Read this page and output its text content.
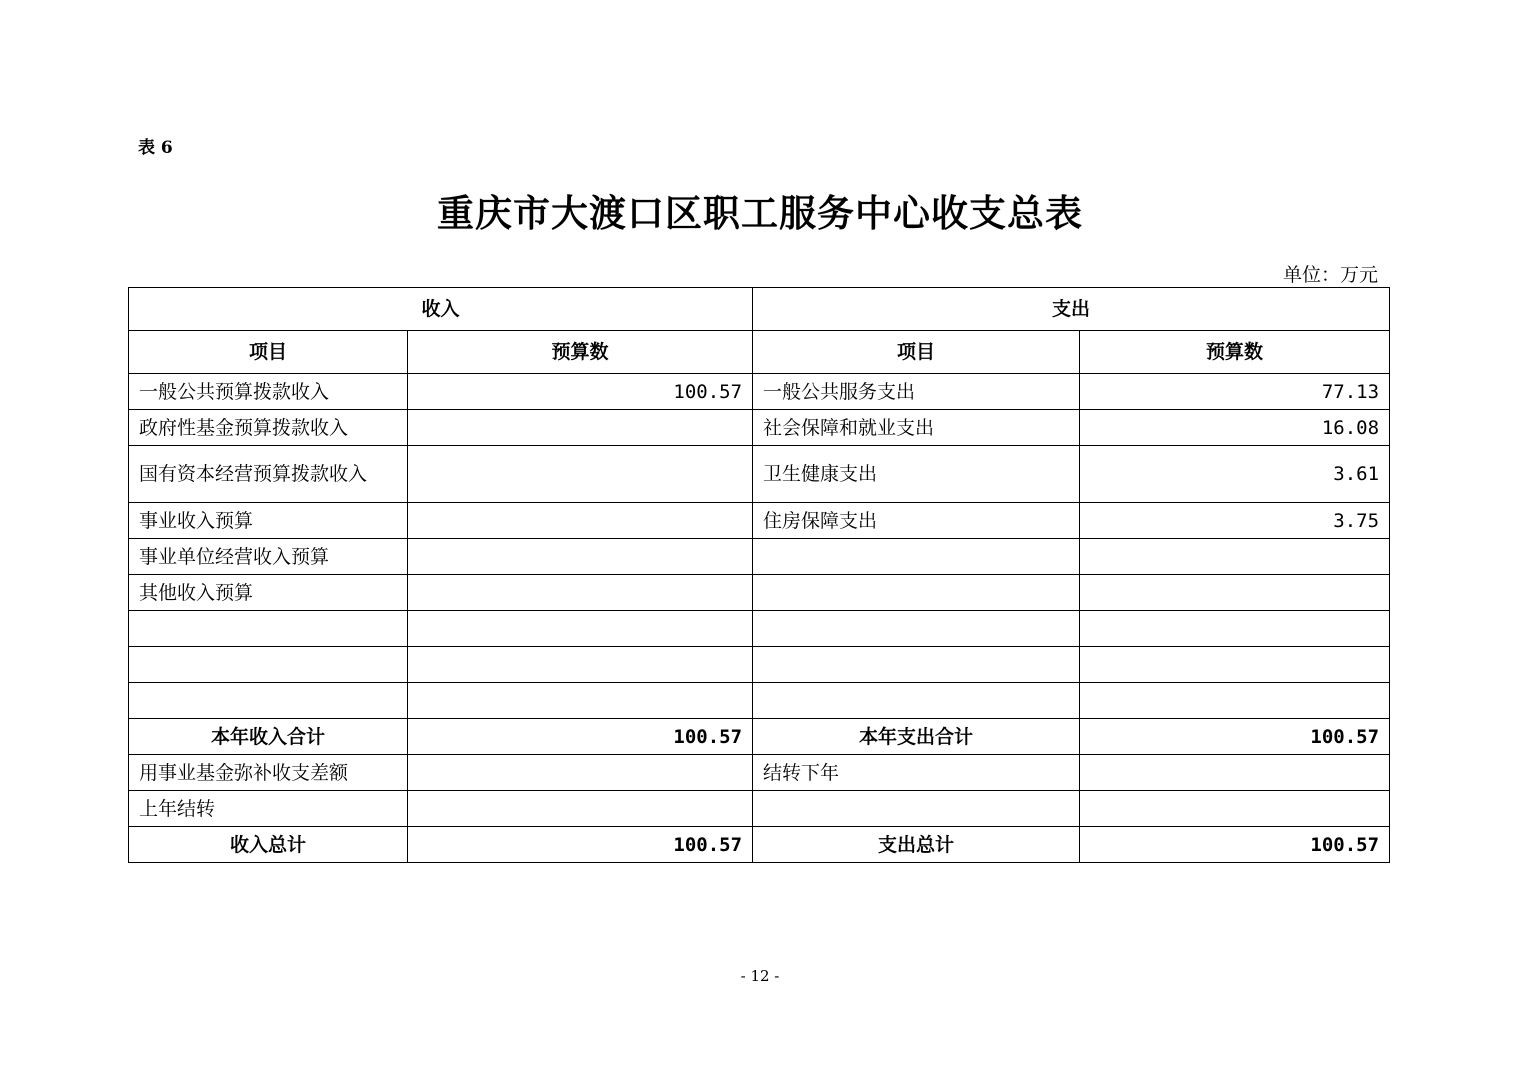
表 6
重庆市大渡口区职工服务中心收支总表
单位：万元
收入		支出	
项目	预算数	项目	预算数
一般公共预算拨款收入	100.57	一般公共服务支出	77.13
政府性基金预算拨款收入		社会保障和就业支出	16.08
国有资本经营预算拨款收入		卫生健康支出	3.61
事业收入预算		住房保障支出	3.75
事业单位经营收入预算			
其他收入预算			

本年收入合计	100.57	本年支出合计	100.57
用事业基金弥补收支差额		结转下年	
上年结转			
收入总计	100.57	支出总计	100.57
- 12 -
